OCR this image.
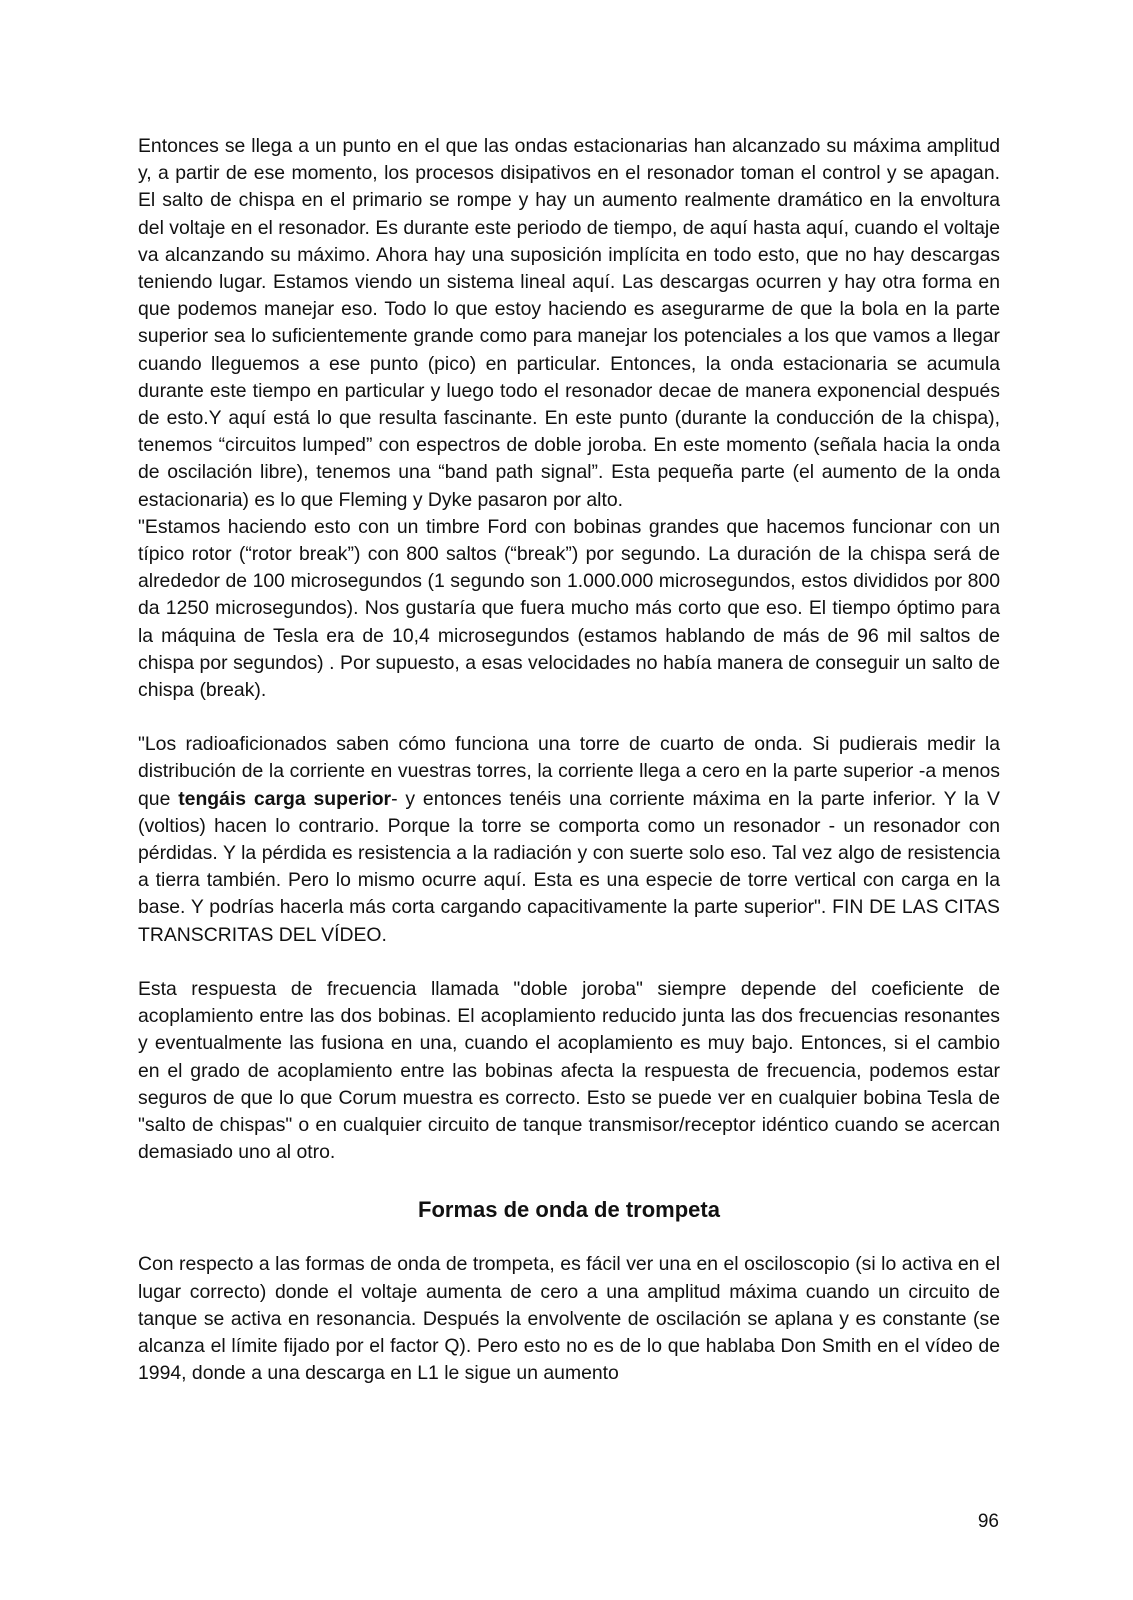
Entonces se llega a un punto en el que las ondas estacionarias han alcanzado su máxima amplitud y, a partir de ese momento, los procesos disipativos en el resonador toman el control y se apagan. El salto de chispa en el primario se rompe y hay un aumento realmente dramático en la envoltura del voltaje en el resonador. Es durante este periodo de tiempo, de aquí hasta aquí, cuando el voltaje va alcanzando su máximo. Ahora hay una suposición implícita en todo esto, que no hay descargas teniendo lugar. Estamos viendo un sistema lineal aquí. Las descargas ocurren y hay otra forma en que podemos manejar eso. Todo lo que estoy haciendo es asegurarme de que la bola en la parte superior sea lo suficientemente grande como para manejar los potenciales a los que vamos a llegar cuando lleguemos a ese punto (pico) en particular. Entonces, la onda estacionaria se acumula durante este tiempo en particular y luego todo el resonador decae de manera exponencial después de esto.Y aquí está lo que resulta fascinante. En este punto (durante la conducción de la chispa), tenemos “circuitos lumped” con espectros de doble joroba. En este momento (señala hacia la onda de oscilación libre), tenemos una “band path signal”. Esta pequeña parte (el aumento de la onda estacionaria) es lo que Fleming y Dyke pasaron por alto.

"Estamos haciendo esto con un timbre Ford con bobinas grandes que hacemos funcionar con un típico rotor (“rotor break”) con 800 saltos (“break”) por segundo. La duración de la chispa será de alrededor de 100 microsegundos (1 segundo son 1.000.000 microsegundos, estos divididos por 800 da 1250 microsegundos). Nos gustaría que fuera mucho más corto que eso. El tiempo óptimo para la máquina de Tesla era de 10,4 microsegundos (estamos hablando de más de 96 mil saltos de chispa por segundos) . Por supuesto, a esas velocidades no había manera de conseguir un salto de chispa (break).

"Los radioaficionados saben cómo funciona una torre de cuarto de onda. Si pudierais medir la distribución de la corriente en vuestras torres, la corriente llega a cero en la parte superior -a menos que tengáis carga superior- y entonces tenéis una corriente máxima en la parte inferior. Y la V (voltios) hacen lo contrario. Porque la torre se comporta como un resonador - un resonador con pérdidas. Y la pérdida es resistencia a la radiación y con suerte solo eso. Tal vez algo de resistencia a tierra también. Pero lo mismo ocurre aquí. Esta es una especie de torre vertical con carga en la base. Y podrías hacerla más corta cargando capacitivamente la parte superior". FIN DE LAS CITAS TRANSCRITAS DEL VÍDEO.

Esta respuesta de frecuencia llamada "doble joroba" siempre depende del coeficiente de acoplamiento entre las dos bobinas. El acoplamiento reducido junta las dos frecuencias resonantes y eventualmente las fusiona en una, cuando el acoplamiento es muy bajo. Entonces, si el cambio en el grado de acoplamiento entre las bobinas afecta la respuesta de frecuencia, podemos estar seguros de que lo que Corum muestra es correcto. Esto se puede ver en cualquier bobina Tesla de "salto de chispas" o en cualquier circuito de tanque transmisor/receptor idéntico cuando se acercan demasiado uno al otro.

Formas de onda de trompeta

Con respecto a las formas de onda de trompeta, es fácil ver una en el osciloscopio (si lo activa en el lugar correcto) donde el voltaje aumenta de cero a una amplitud máxima cuando un circuito de tanque se activa en resonancia. Después la envolvente de oscilación se aplana y es constante (se alcanza el límite fijado por el factor Q). Pero esto no es de lo que hablaba Don Smith en el vídeo de 1994, donde a una descarga en L1 le sigue un aumento

96
